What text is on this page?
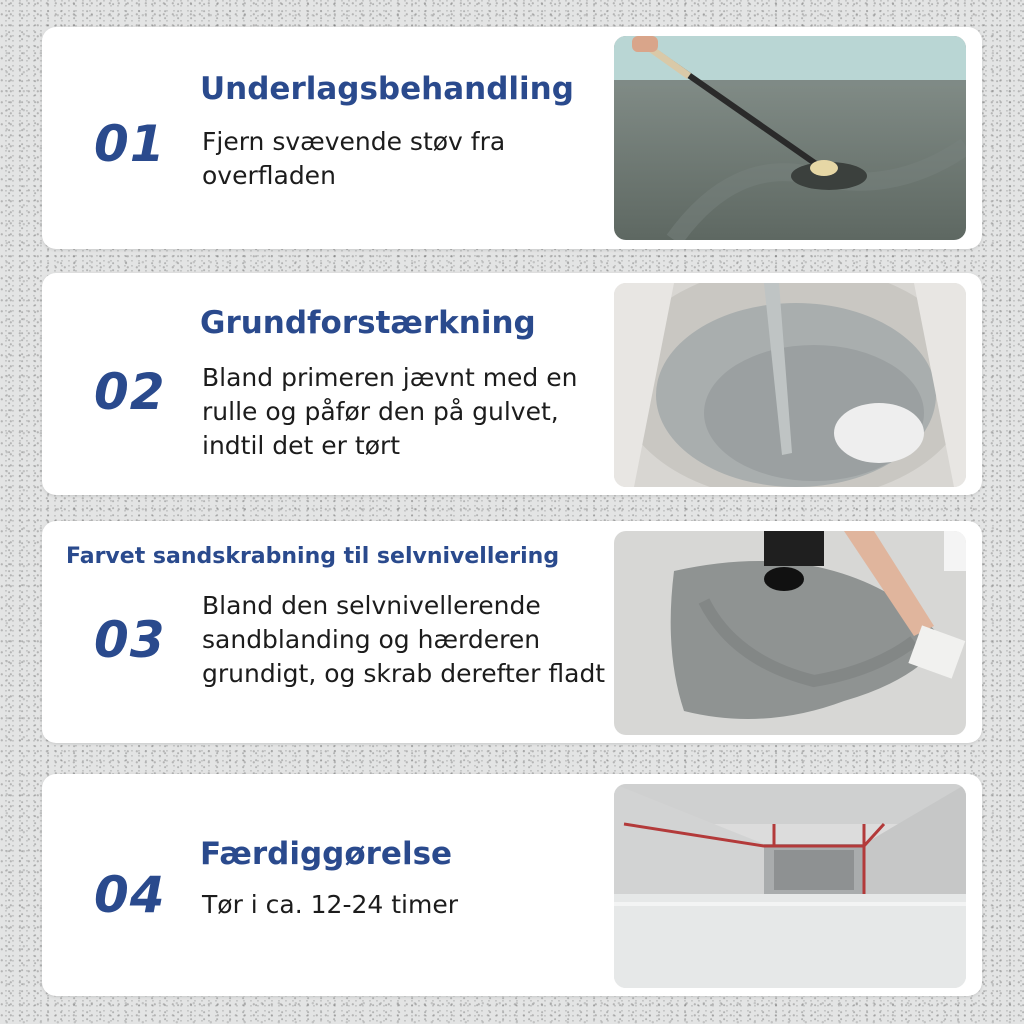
01
Underlagsbehandling
Fjern svævende støv fra overfladen
02
Grundforstærkning
Bland primeren jævnt med en rulle og påfør den på gulvet, indtil det er tørt
03
Farvet sandskrabning til selvnivellering
Bland den selvnivellerende sandblanding og hærderen grundigt, og skrab derefter fladt
04
Færdiggørelse
Tør i ca. 12-24 timer
